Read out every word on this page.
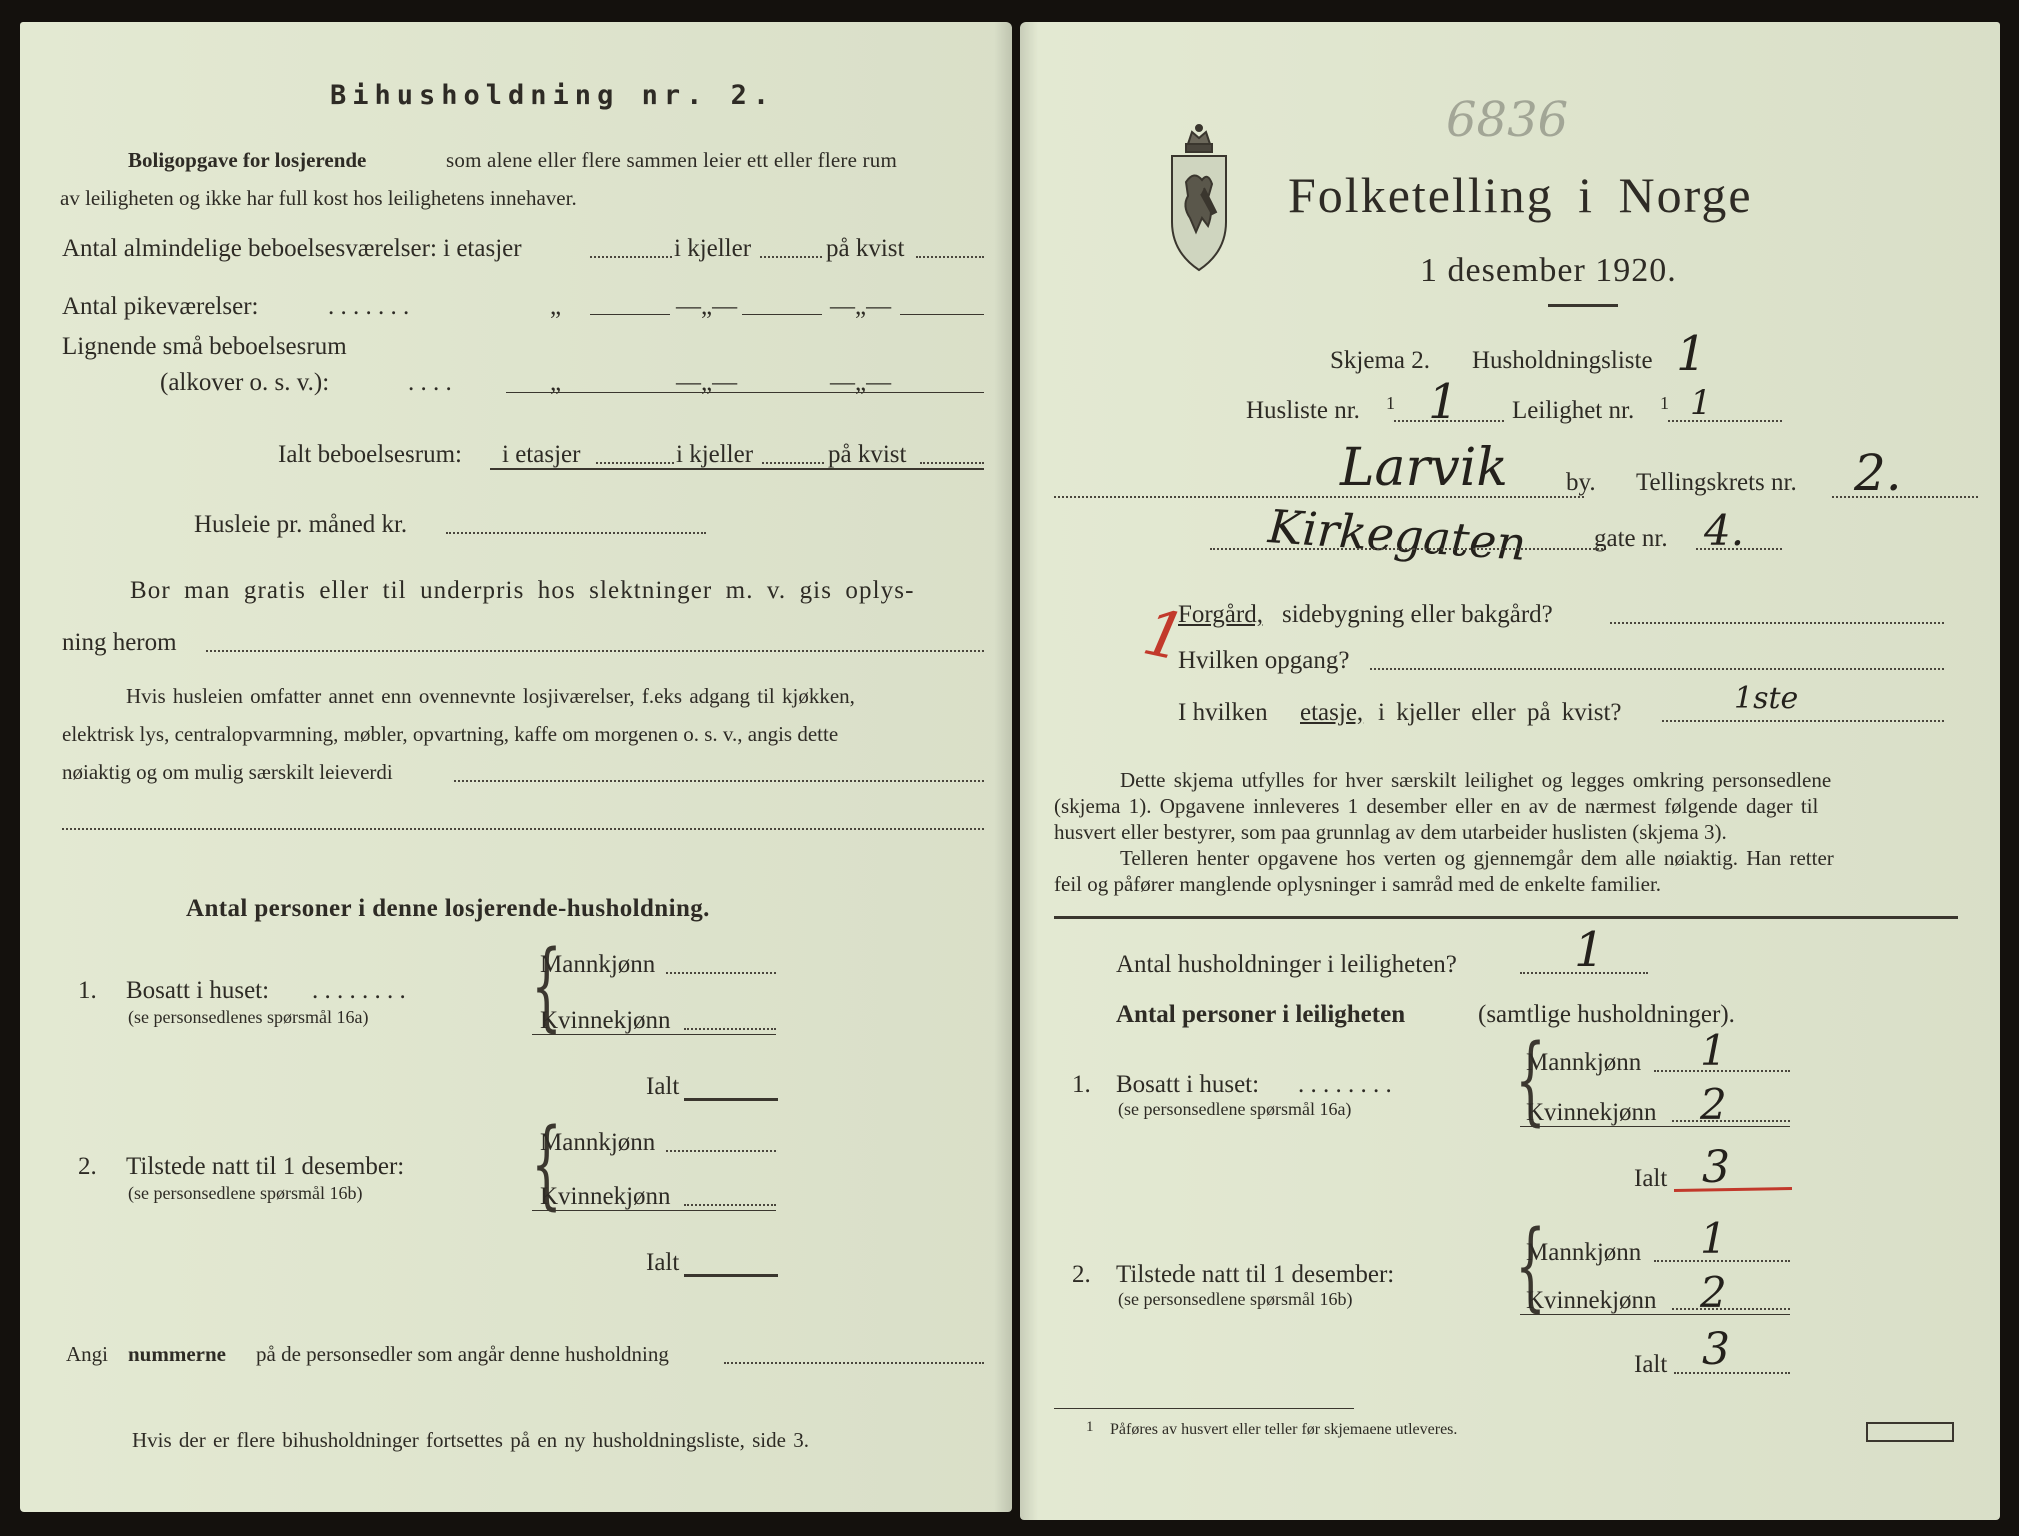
Bihusholdning nr. 2.
Boligopgave for losjerende	som alene eller flere sammen leier ett eller flere rum
av leiligheten og ikke har full kost hos leilighetens innehaver.
Antal almindelige beboelsesværelser: i etasjer	i kjeller	på kvist
Antal pikeværelser:	. . . . . . .	„	—„—	—„—
Lignende små beboelsesrum
(alkover o. s. v.):	. . . .	„	—„—	—„—
Ialt beboelsesrum: i etasjer	i kjeller	på kvist
Husleie pr. måned kr.
Bor man gratis eller til underpris hos slektninger m. v. gis oplys-
ning herom
Hvis husleien omfatter annet enn ovennevnte losjiværelser, f.eks adgang til kjøkken,
elektrisk lys, centralopvarmning, møbler, opvartning, kaffe om morgenen o. s. v., angis dette
nøiaktig og om mulig særskilt leieverdi
Antal personer i denne losjerende-husholdning.
1. Bosatt i huset: . . . . . . . .
(se personsedlenes spørsmål 16a) {
Mannkjønn
Kvinnekjønn
Ialt
2. Tilstede natt til 1 desember:
(se personsedlene spørsmål 16b) {
Mannkjønn
Kvinnekjønn
Ialt
Angi nummerne på de personsedler som angår denne husholdning
Hvis der er flere bihusholdninger fortsettes på en ny husholdningsliste, side 3.
6836
Folketelling i Norge
1 desember 1920.
Skjema 2. Husholdningsliste 1
Husliste nr. 1 1 Leilighet nr. 1 1
Larvik by. Tellingskrets nr. 2.
Kirkegaten	gate nr. 4.
1
Forgård, sidebygning eller bakgård?
Hvilken opgang?
I hvilken etasje, i kjeller eller på kvist?	1ste
Dette skjema utfylles for hver særskilt leilighet og legges omkring personsedlene
(skjema 1). Opgavene innleveres 1 desember eller en av de nærmest følgende dager til
husvert eller bestyrer, som paa grunnlag av dem utarbeider huslisten (skjema 3).
Telleren henter opgavene hos verten og gjennemgår dem alle nøiaktig. Han retter
feil og påfører manglende oplysninger i samråd med de enkelte familier.
Antal husholdninger i leiligheten? 1
Antal personer i leiligheten	(samtlige husholdninger).
1. Bosatt i huset: . . . . . . . .
(se personsedlene spørsmål 16a) {
Mannkjønn 1
Kvinnekjønn 2
Ialt 3
2. Tilstede natt til 1 desember:
(se personsedlene spørsmål 16b) {
Mannkjønn 1
Kvinnekjønn 2
Ialt 3
1 Påføres av husvert eller teller før skjemaene utleveres.
